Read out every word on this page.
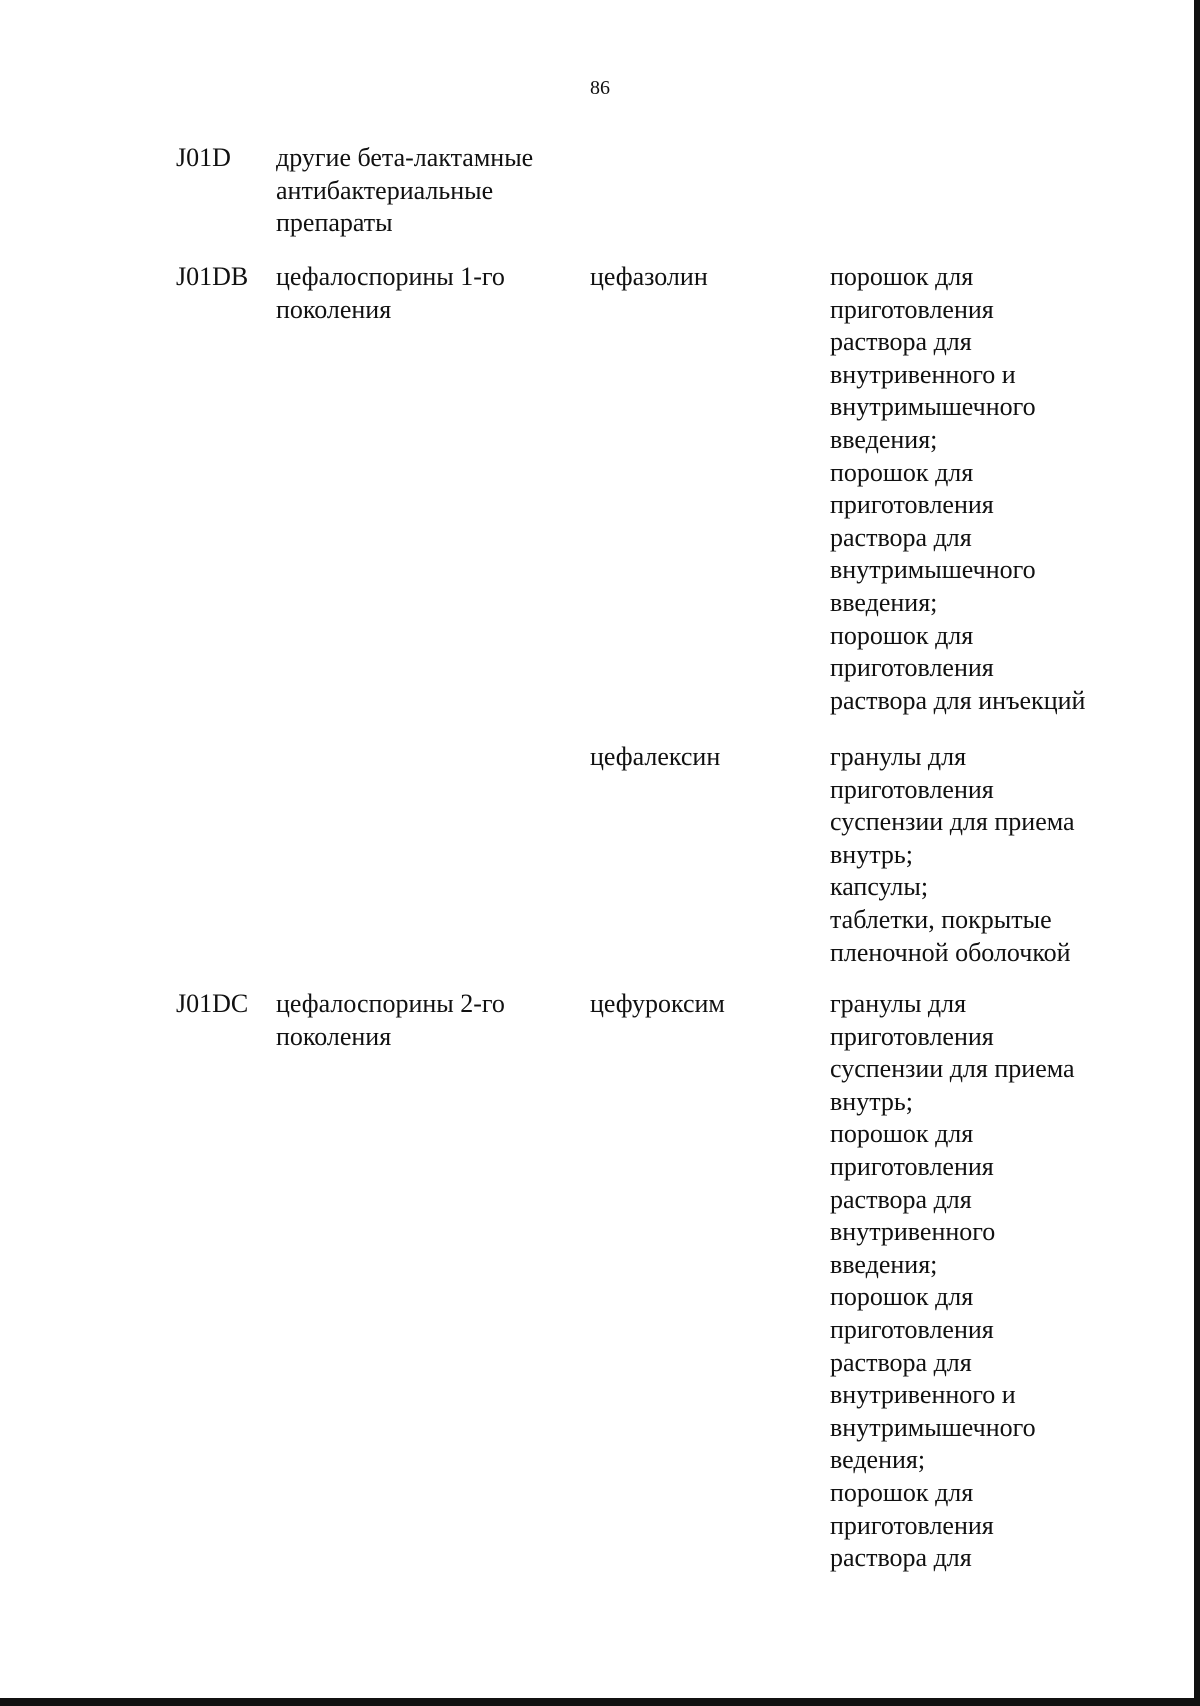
86
J01D другие бета-лактамные
антибактериальные
препараты
J01DB цефалоспорины 1-го
поколения
цефазолин	порошок для
приготовления
раствора для
внутривенного и
внутримышечного
введения;
порошок для
приготовления
раствора для
внутримышечного
введения;
порошок для
приготовления
раствора для инъекций
цефалексин	гранулы для
приготовления
суспензии для приема
внутрь;
капсулы;
таблетки, покрытые
пленочной оболочкой
J01DC цефалоспорины 2-го
поколения
цефуроксим	гранулы для
приготовления
суспензии для приема
внутрь;
порошок для
приготовления
раствора для
внутривенного
введения;
порошок для
приготовления
раствора для
внутривенного и
внутримышечного
ведения;
порошок для
приготовления
раствора для
